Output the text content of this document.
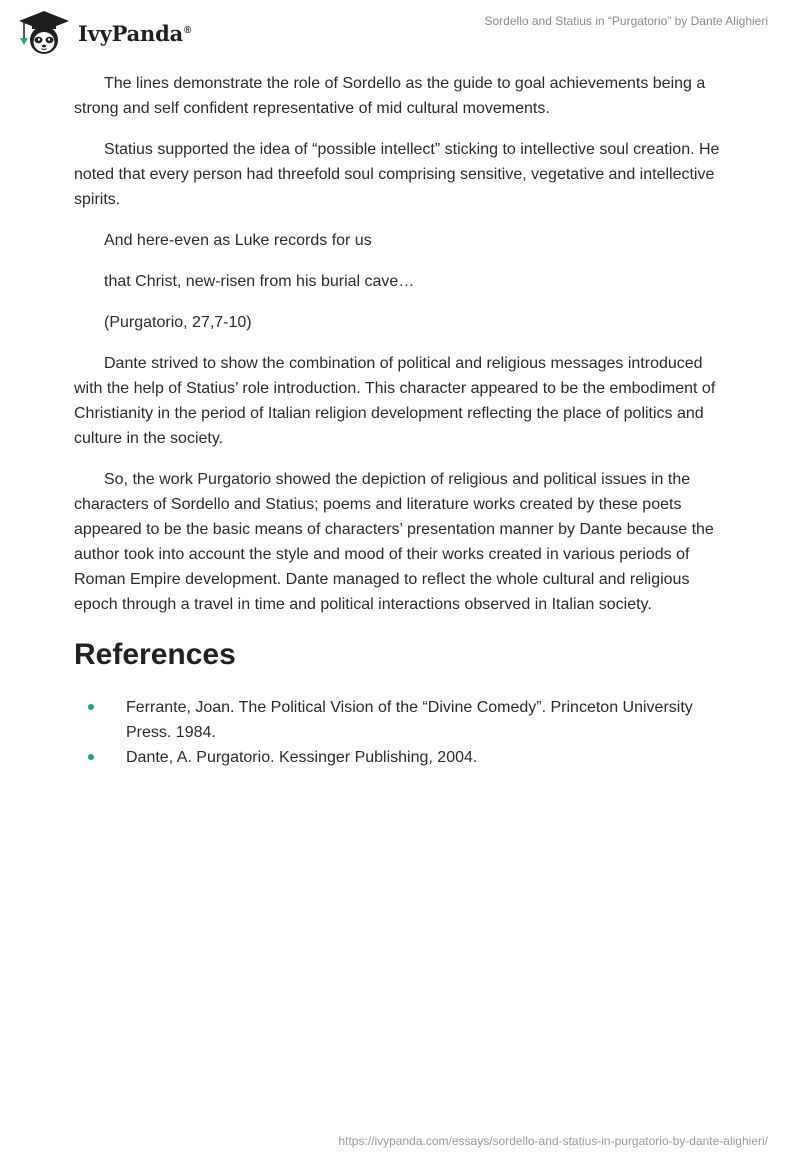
IvyPanda®
Sordello and Statius in “Purgatorio” by Dante Alighieri

The lines demonstrate the role of Sordello as the guide to goal achievements being a strong and self confident representative of mid cultural movements.

Statius supported the idea of “possible intellect” sticking to intellective soul creation. He noted that every person had threefold soul comprising sensitive, vegetative and intellective spirits.

And here-even as Luke records for us

that Christ, new-risen from his burial cave…

(Purgatorio, 27,7-10)

Dante strived to show the combination of political and religious messages introduced with the help of Statius’ role introduction. This character appeared to be the embodiment of Christianity in the period of Italian religion development reflecting the place of politics and culture in the society.

So, the work Purgatorio showed the depiction of religious and political issues in the characters of Sordello and Statius; poems and literature works created by these poets appeared to be the basic means of characters’ presentation manner by Dante because the author took into account the style and mood of their works created in various periods of Roman Empire development. Dante managed to reflect the whole cultural and religious epoch through a travel in time and political interactions observed in Italian society.

References
Ferrante, Joan. The Political Vision of the “Divine Comedy”. Princeton University Press. 1984.
Dante, A. Purgatorio. Kessinger Publishing, 2004.
https://ivypanda.com/essays/sordello-and-statius-in-purgatorio-by-dante-alighieri/
